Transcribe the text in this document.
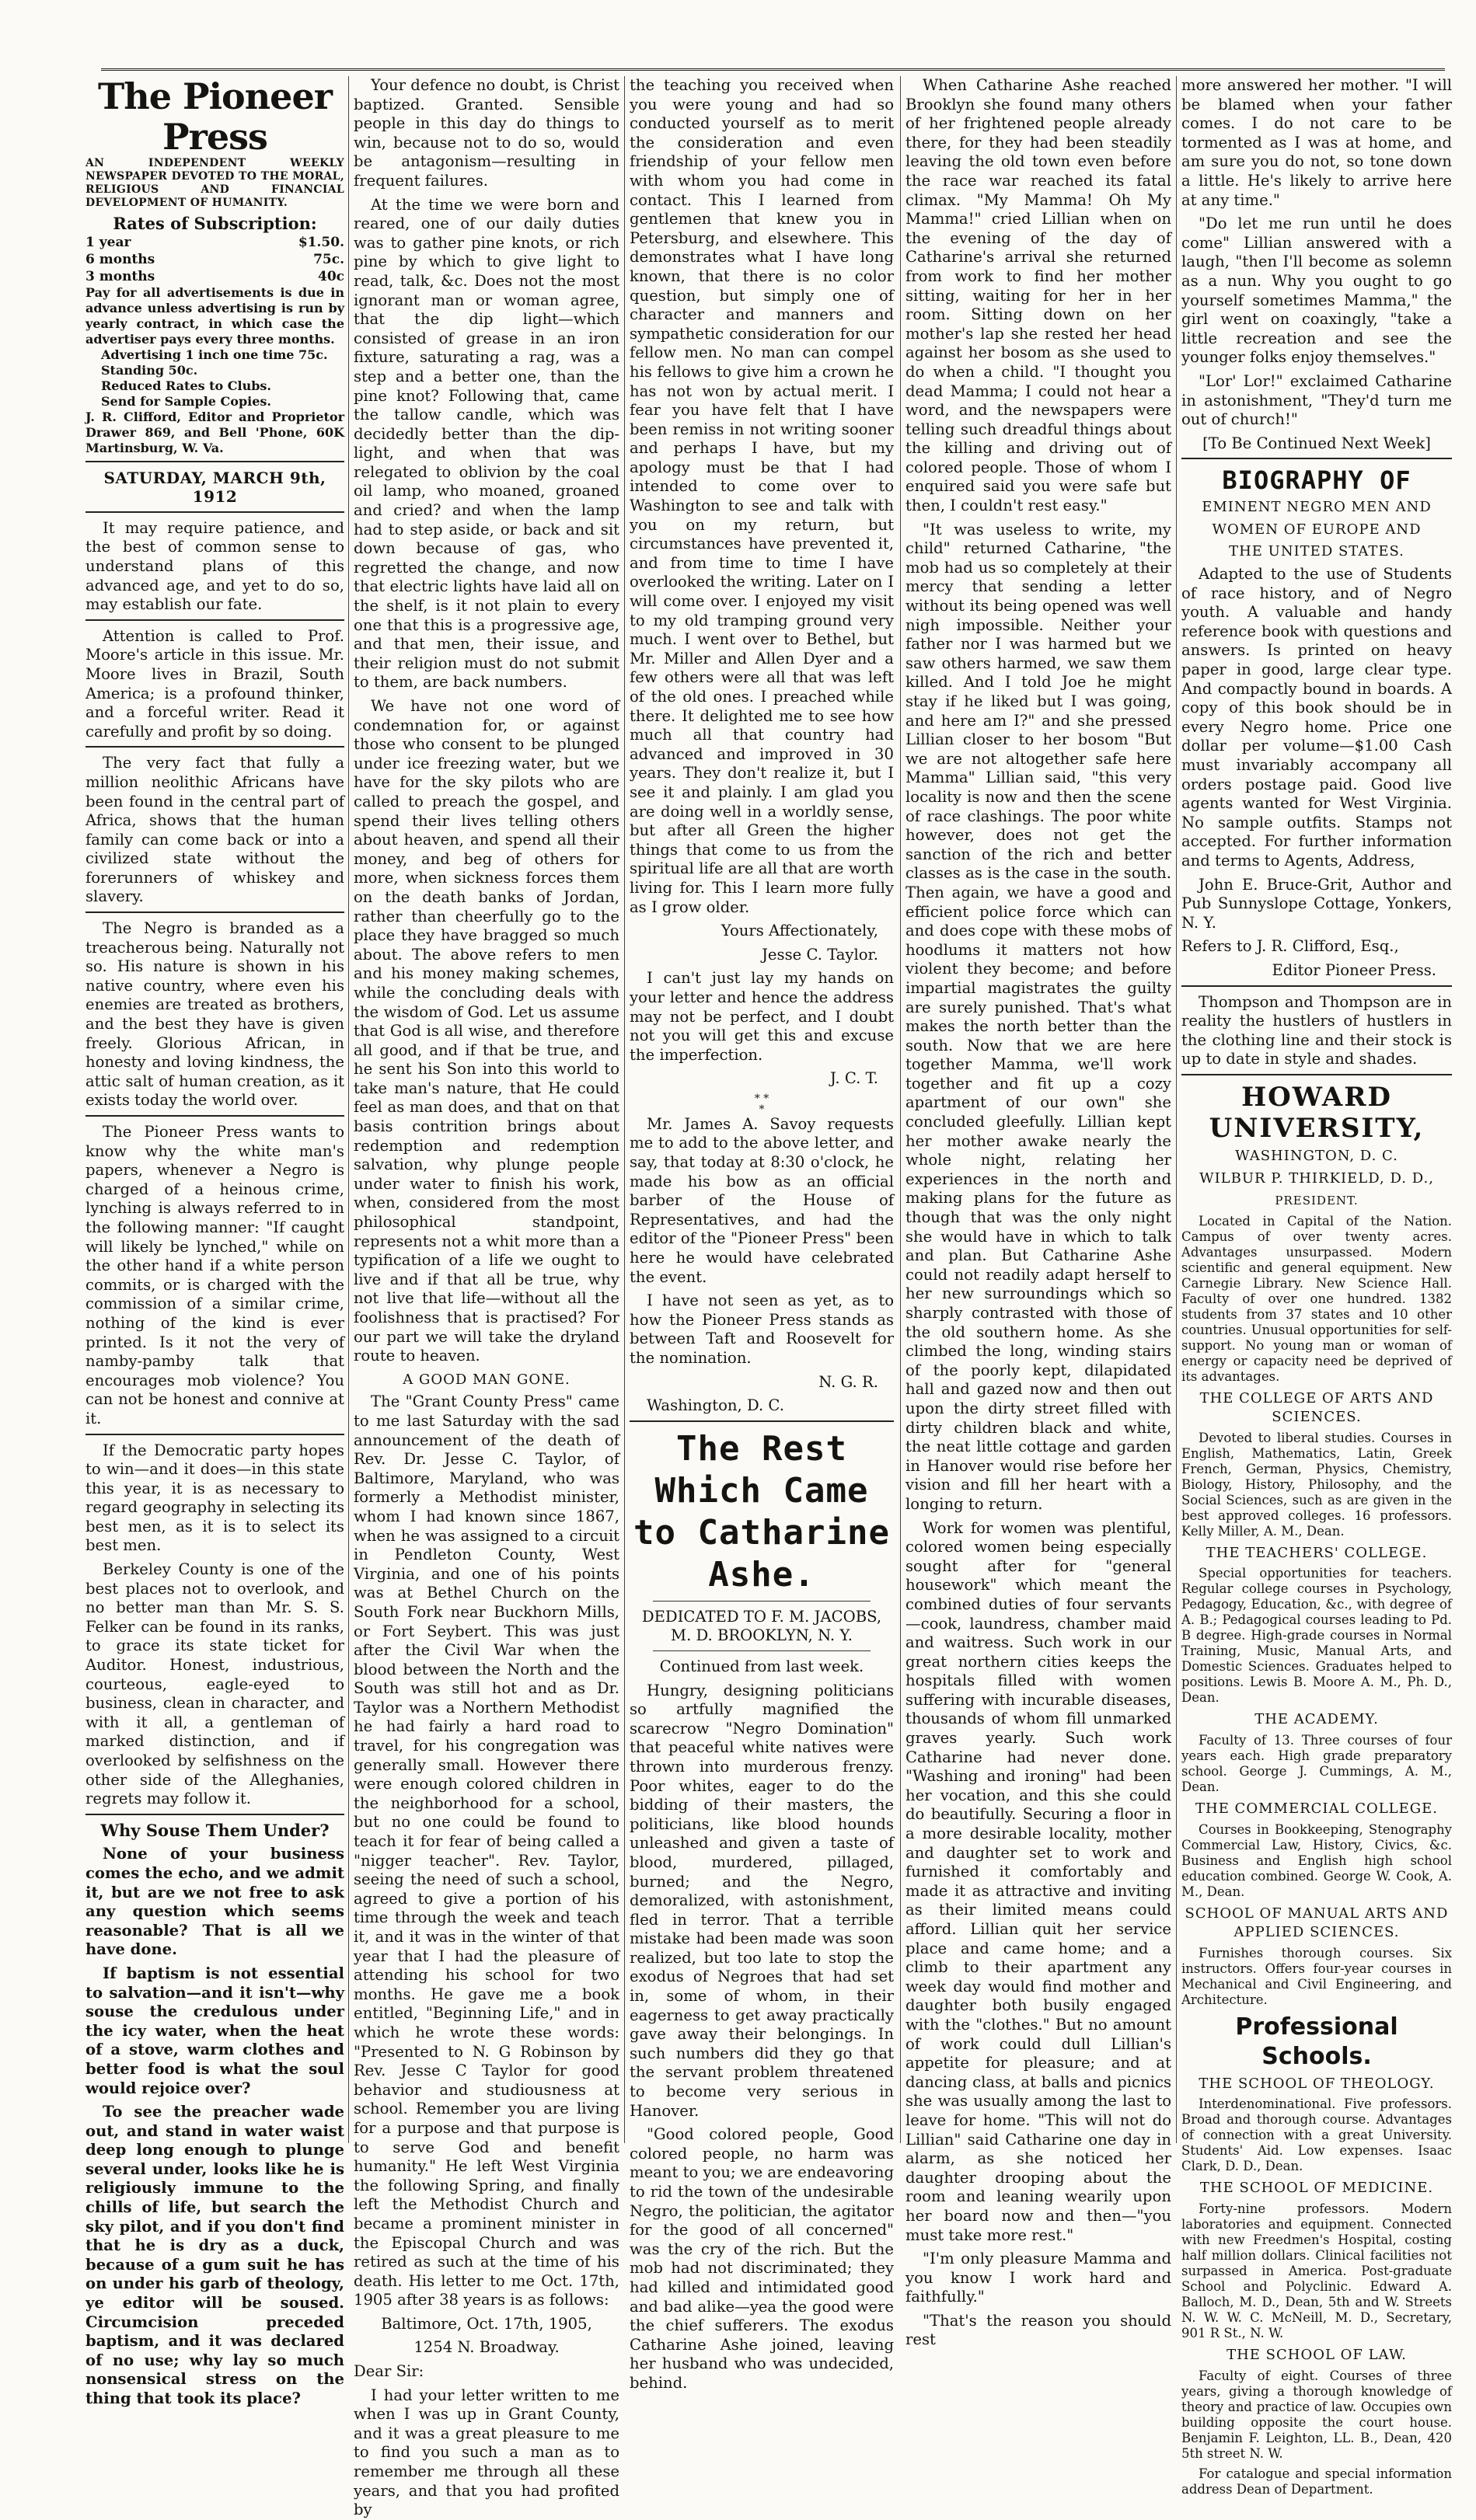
The Pioneer Press
AN INDEPENDENT WEEKLY NEWSPAPER DEVOTED TO THE MORAL, RELIGIOUS AND FINANCIAL DEVELOPMENT OF HUMANITY.
Rates of Subscription:
1 year	$1.50.
6 months	75c.
3 months	40c
Pay for all advertisements is due in advance unless advertising is run by yearly contract, in which case the advertiser pays every three months.
Advertising 1 inch one time 75c.
Standing 50c.
Reduced Rates to Clubs.
Send for Sample Copies.
J. R. Clifford, Editor and Proprietor Drawer 869, and Bell 'Phone, 60K Martinsburg, W. Va.
SATURDAY, MARCH 9th, 1912

It may require patience, and the best of common sense to understand plans of this advanced age, and yet to do so, may establish our fate.

Attention is called to Prof. Moore's article in this issue. Mr. Moore lives in Brazil, South America; is a profound thinker, and a forceful writer. Read it carefully and profit by so doing.

The very fact that fully a million neolithic Africans have been found in the central part of Africa, shows that the human family can come back or into a civilized state without the forerunners of whiskey and slavery.

The Negro is branded as a treacherous being. Naturally not so. His nature is shown in his native country, where even his enemies are treated as brothers, and the best they have is given freely. Glorious African, in honesty and loving kindness, the attic salt of human creation, as it exists today the world over.

The Pioneer Press wants to know why the white man's papers, whenever a Negro is charged of a heinous crime, lynching is always referred to in the following manner: "If caught will likely be lynched," while on the other hand if a white person commits, or is charged with the commission of a similar crime, nothing of the kind is ever printed. Is it not the very of namby-pamby talk that encourages mob violence? You can not be honest and connive at it.

If the Democratic party hopes to win—and it does—in this state this year, it is as necessary to regard geography in selecting its best men, as it is to select its best men.

Berkeley County is one of the best places not to overlook, and no better man than Mr. S. S. Felker can be found in its ranks, to grace its state ticket for Auditor. Honest, industrious, courteous, eagle-eyed to business, clean in character, and with it all, a gentleman of marked distinction, and if overlooked by selfishness on the other side of the Alleghanies, regrets may follow it.

Why Souse Them Under?

None of your business comes the echo, and we admit it, but are we not free to ask any question which seems reasonable? That is all we have done.

If baptism is not essential to salvation—and it isn't—why souse the credulous under the icy water, when the heat of a stove, warm clothes and better food is what the soul would rejoice over?

To see the preacher wade out, and stand in water waist deep long enough to plunge several under, looks like he is religiously immune to the chills of life, but search the sky pilot, and if you don't find that he is dry as a duck, because of a gum suit he has on under his garb of theology, ye editor will be soused. Circumcision preceded baptism, and it was declared of no use; why lay so much nonsensical stress on the thing that took its place?

Your defence no doubt, is Christ baptized. Granted. Sensible people in this day do things to win, because not to do so, would be antagonism—resulting in frequent failures.

At the time we were born and reared, one of our daily duties was to gather pine knots, or rich pine by which to give light to read, talk, &c. Does not the most ignorant man or woman agree, that the dip light—which consisted of grease in an iron fixture, saturating a rag, was a step and a better one, than the pine knot? Following that, came the tallow candle, which was decidedly better than the dip-light, and when that was relegated to oblivion by the coal oil lamp, who moaned, groaned and cried? and when the lamp had to step aside, or back and sit down because of gas, who regretted the change, and now that electric lights have laid all on the shelf, is it not plain to every one that this is a progressive age, and that men, their issue, and their religion must do not submit to them, are back numbers.

We have not one word of condemnation for, or against those who consent to be plunged under ice freezing water, but we have for the sky pilots who are called to preach the gospel, and spend their lives telling others about heaven, and spend all their money, and beg of others for more, when sickness forces them on the death banks of Jordan, rather than cheerfully go to the place they have bragged so much about. The above refers to men and his money making schemes, while the concluding deals with the wisdom of God. Let us assume that God is all wise, and therefore all good, and if that be true, and he sent his Son into this world to take man's nature, that He could feel as man does, and that on that basis contrition brings about redemption and redemption salvation, why plunge people under water to finish his work, when, considered from the most philosophical standpoint, represents not a whit more than a typification of a life we ought to live and if that all be true, why not live that life—without all the foolishness that is practised? For our part we will take the dryland route to heaven.

A GOOD MAN GONE.

The "Grant County Press" came to me last Saturday with the sad announcement of the death of Rev. Dr. Jesse C. Taylor, of Baltimore, Maryland, who was formerly a Methodist minister, whom I had known since 1867, when he was assigned to a circuit in Pendleton County, West Virginia, and one of his points was at Bethel Church on the South Fork near Buckhorn Mills, or Fort Seybert. This was just after the Civil War when the blood between the North and the South was still hot and as Dr. Taylor was a Northern Methodist he had fairly a hard road to travel, for his congregation was generally small. However there were enough colored children in the neighborhood for a school, but no one could be found to teach it for fear of being called a "nigger teacher". Rev. Taylor, seeing the need of such a school, agreed to give a portion of his time through the week and teach it, and it was in the winter of that year that I had the pleasure of attending his school for two months. He gave me a book entitled, "Beginning Life," and in which he wrote these words: "Presented to N. G Robinson by Rev. Jesse C Taylor for good behavior and studiousness at school. Remember you are living for a purpose and that purpose is to serve God and benefit humanity." He left West Virginia the following Spring, and finally left the Methodist Church and became a prominent minister in the Episcopal Church and was retired as such at the time of his death. His letter to me Oct. 17th, 1905 after 38 years is as follows:

Baltimore, Oct. 17th, 1905,

1254 N. Broadway.

Dear Sir:

I had your letter written to me when I was up in Grant County, and it was a great pleasure to me to find you such a man as to remember me through all these years, and that you had profited by

the teaching you received when you were young and had so conducted yourself as to merit the consideration and even friendship of your fellow men with whom you had come in contact. This I learned from gentlemen that knew you in Petersburg, and elsewhere. This demonstrates what I have long known, that there is no color question, but simply one of character and manners and sympathetic consideration for our fellow men. No man can compel his fellows to give him a crown he has not won by actual merit. I fear you have felt that I have been remiss in not writing sooner and perhaps I have, but my apology must be that I had intended to come over to Washington to see and talk with you on my return, but circumstances have prevented it, and from time to time I have overlooked the writing. Later on I will come over. I enjoyed my visit to my old tramping ground very much. I went over to Bethel, but Mr. Miller and Allen Dyer and a few others were all that was left of the old ones. I preached while there. It delighted me to see how much all that country had advanced and improved in 30 years. They don't realize it, but I see it and plainly. I am glad you are doing well in a worldly sense, but after all Green the higher things that come to us from the spiritual life are all that are worth living for. This I learn more fully as I grow older.

Yours Affectionately,

Jesse C. Taylor.

I can't just lay my hands on your letter and hence the address may not be perfect, and I doubt not you will get this and excuse the imperfection.

J. C. T.

* *
*

Mr. James A. Savoy requests me to add to the above letter, and say, that today at 8:30 o'clock, he made his bow as an official barber of the House of Representatives, and had the editor of the "Pioneer Press" been here he would have celebrated the event.

I have not seen as yet, as to how the Pioneer Press stands as between Taft and Roosevelt for the nomination.

N. G. R.

Washington, D. C.

The Rest Which Came to Catharine Ashe.

DEDICATED TO F. M. JACOBS, M. D. BROOKLYN, N. Y.

Continued from last week.

Hungry, designing politicians so artfully magnified the scarecrow "Negro Domination" that peaceful white natives were thrown into murderous frenzy. Poor whites, eager to do the bidding of their masters, the politicians, like blood hounds unleashed and given a taste of blood, murdered, pillaged, burned; and the Negro, demoralized, with astonishment, fled in terror. That a terrible mistake had been made was soon realized, but too late to stop the exodus of Negroes that had set in, some of whom, in their eagerness to get away practically gave away their belongings. In such numbers did they go that the servant problem threatened to become very serious in Hanover.

"Good colored people, Good colored people, no harm was meant to you; we are endeavoring to rid the town of the undesirable Negro, the politician, the agitator for the good of all concerned" was the cry of the rich. But the mob had not discriminated; they had killed and intimidated good and bad alike—yea the good were the chief sufferers. The exodus Catharine Ashe joined, leaving her husband who was undecided, behind.

When Catharine Ashe reached Brooklyn she found many others of her frightened people already there, for they had been steadily leaving the old town even before the race war reached its fatal climax. "My Mamma! Oh My Mamma!" cried Lillian when on the evening of the day of Catharine's arrival she returned from work to find her mother sitting, waiting for her in her room. Sitting down on her mother's lap she rested her head against her bosom as she used to do when a child. "I thought you dead Mamma; I could not hear a word, and the newspapers were telling such dreadful things about the killing and driving out of colored people. Those of whom I enquired said you were safe but then, I couldn't rest easy."

"It was useless to write, my child" returned Catharine, "the mob had us so completely at their mercy that sending a letter without its being opened was well nigh impossible. Neither your father nor I was harmed but we saw others harmed, we saw them killed. And I told Joe he might stay if he liked but I was going, and here am I?" and she pressed Lillian closer to her bosom "But we are not altogether safe here Mamma" Lillian said, "this very locality is now and then the scene of race clashings. The poor white however, does not get the sanction of the rich and better classes as is the case in the south. Then again, we have a good and efficient police force which can and does cope with these mobs of hoodlums it matters not how violent they become; and before impartial magistrates the guilty are surely punished. That's what makes the north better than the south. Now that we are here together Mamma, we'll work together and fit up a cozy apartment of our own" she concluded gleefully. Lillian kept her mother awake nearly the whole night, relating her experiences in the north and making plans for the future as though that was the only night she would have in which to talk and plan. But Catharine Ashe could not readily adapt herself to her new surroundings which so sharply contrasted with those of the old southern home. As she climbed the long, winding stairs of the poorly kept, dilapidated hall and gazed now and then out upon the dirty street filled with dirty children black and white, the neat little cottage and garden in Hanover would rise before her vision and fill her heart with a longing to return.

Work for women was plentiful, colored women being especially sought after for "general housework" which meant the combined duties of four servants—cook, laundress, chamber maid and waitress. Such work in our great northern cities keeps the hospitals filled with women suffering with incurable diseases, thousands of whom fill unmarked graves yearly. Such work Catharine had never done. "Washing and ironing" had been her vocation, and this she could do beautifully. Securing a floor in a more desirable locality, mother and daughter set to work and furnished it comfortably and made it as attractive and inviting as their limited means could afford. Lillian quit her service place and came home; and a climb to their apartment any week day would find mother and daughter both busily engaged with the "clothes." But no amount of work could dull Lillian's appetite for pleasure; and at dancing class, at balls and picnics she was usually among the last to leave for home. "This will not do Lillian" said Catharine one day in alarm, as she noticed her daughter drooping about the room and leaning wearily upon her board now and then—"you must take more rest."

"I'm only pleasure Mamma and you know I work hard and faithfully."

"That's the reason you should rest

more answered her mother. "I will be blamed when your father comes. I do not care to be tormented as I was at home, and am sure you do not, so tone down a little. He's likely to arrive here at any time."

"Do let me run until he does come" Lillian answered with a laugh, "then I'll become as solemn as a nun. Why you ought to go yourself sometimes Mamma," the girl went on coaxingly, "take a little recreation and see the younger folks enjoy themselves."

"Lor' Lor!" exclaimed Catharine in astonishment, "They'd turn me out of church!"

[To Be Continued Next Week]

BIOGRAPHY OF
EMINENT NEGRO MEN AND
WOMEN OF EUROPE AND
THE UNITED STATES.

Adapted to the use of Students of race history, and of Negro youth. A valuable and handy reference book with questions and answers. Is printed on heavy paper in good, large clear type. And compactly bound in boards. A copy of this book should be in every Negro home. Price one dollar per volume—$1.00 Cash must invariably accompany all orders postage paid. Good live agents wanted for West Virginia. No sample outfits. Stamps not accepted. For further information and terms to Agents, Address,

John E. Bruce-Grit, Author and Pub Sunnyslope Cottage, Yonkers, N. Y.

Refers to J. R. Clifford, Esq.,

Editor Pioneer Press.

Thompson and Thompson are in reality the hustlers of hustlers in the clothing line and their stock is up to date in style and shades.

HOWARD
UNIVERSITY,
WASHINGTON, D. C.
WILBUR P. THIRKIELD, D. D.,
PRESIDENT.

Located in Capital of the Nation. Campus of over twenty acres. Advantages unsurpassed. Modern scientific and general equipment. New Carnegie Library. New Science Hall. Faculty of over one hundred. 1382 students from 37 states and 10 other countries. Unusual opportunities for self-support. No young man or woman of energy or capacity need be deprived of its advantages.

THE COLLEGE OF ARTS AND SCIENCES.

Devoted to liberal studies. Courses in English, Mathematics, Latin, Greek French, German, Physics, Chemistry, Biology, History, Philosophy, and the Social Sciences, such as are given in the best approved colleges. 16 professors. Kelly Miller, A. M., Dean.

THE TEACHERS' COLLEGE.

Special opportunities for teachers. Regular college courses in Psychology, Pedagogy, Education, &c., with degree of A. B.; Pedagogical courses leading to Pd. B degree. High-grade courses in Normal Training, Music, Manual Arts, and Domestic Sciences. Graduates helped to positions. Lewis B. Moore A. M., Ph. D., Dean.

THE ACADEMY.

Faculty of 13. Three courses of four years each. High grade preparatory school. George J. Cummings, A. M., Dean.

THE COMMERCIAL COLLEGE.

Courses in Bookkeeping, Stenography Commercial Law, History, Civics, &c. Business and English high school education combined. George W. Cook, A. M., Dean.

SCHOOL OF MANUAL ARTS AND APPLIED SCIENCES.

Furnishes thorough courses. Six instructors. Offers four-year courses in Mechanical and Civil Engineering, and Architecture.

Professional Schools.
THE SCHOOL OF THEOLOGY.

Interdenominational. Five professors. Broad and thorough course. Advantages of connection with a great University. Students' Aid. Low expenses. Isaac Clark, D. D., Dean.

THE SCHOOL OF MEDICINE.

Forty-nine professors. Modern laboratories and equipment. Connected with new Freedmen's Hospital, costing half million dollars. Clinical facilities not surpassed in America. Post-graduate School and Polyclinic. Edward A. Balloch, M. D., Dean, 5th and W. Streets N. W. W. C. McNeill, M. D., Secretary, 901 R St., N. W.

THE SCHOOL OF LAW.

Faculty of eight. Courses of three years, giving a thorough knowledge of theory and practice of law. Occupies own building opposite the court house. Benjamin F. Leighton, LL. B., Dean, 420 5th street N. W.

For catalogue and special information address Dean of Department.
